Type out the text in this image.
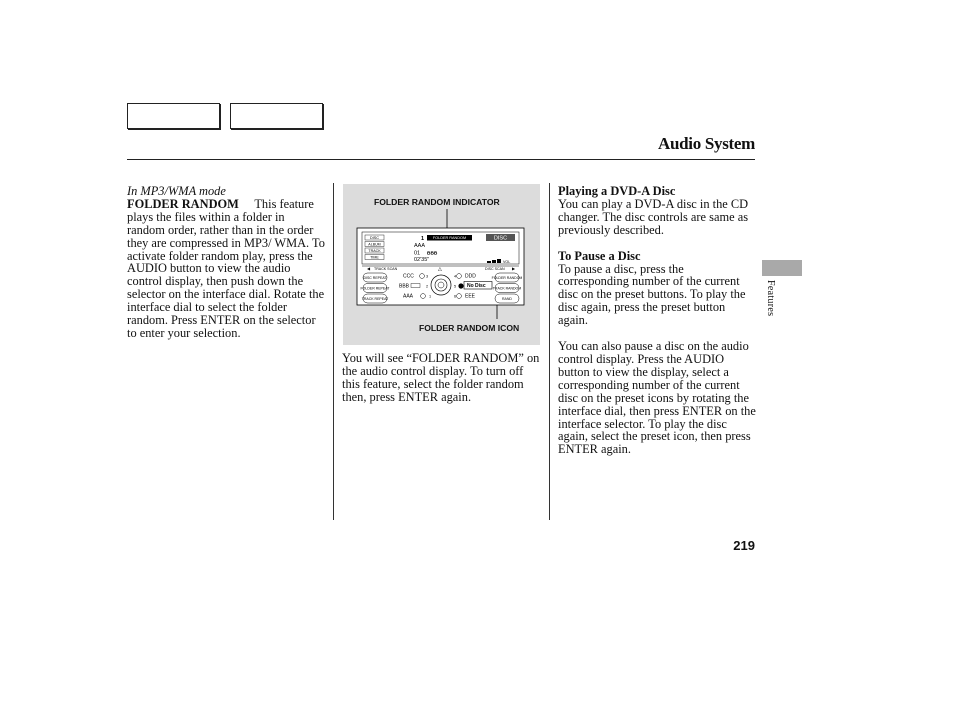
Audio System

In MP3/WMA mode

FOLDER RANDOM This feature plays the files within a folder in random order, rather than in the order they are compressed in MP3/ WMA. To activate folder random play, press the AUDIO button to view the audio control display, then push down the selector on the interface dial. Rotate the interface dial to select the folder random. Press ENTER on the selector to enter your selection.

FOLDER RANDOM INDICATOR
FOLDER RANDOM ICON
DISC
ALBUM
TRACK
TIME
1 FOLDER RANDOM	DISC
AAA
01 BBB
02'35"	VOL
◀ TRACK SCAN	△	DISC SCAN ▶
DISC REPEAT
FOLDER REPEAT
TRACK REPEAT
FOLDER RANDOM
TRACK RANDOM
RAND
CCC	3
BBB	2
AAA	1
4 DDD
5 No Disc
6 EEE

You will see “FOLDER RANDOM” on the audio control display. To turn off this feature, select the folder random then, press ENTER again.

Playing a DVD-A Disc

You can play a DVD-A disc in the CD changer. The disc controls are same as previously described.

To Pause a Disc

To pause a disc, press the corresponding number of the current disc on the preset buttons. To play the disc again, press the preset button again.

You can also pause a disc on the audio control display. Press the AUDIO button to view the display, select a corresponding number of the current disc on the preset icons by rotating the interface dial, then press ENTER on the interface selector. To play the disc again, select the preset icon, then press ENTER again.

Features
219
